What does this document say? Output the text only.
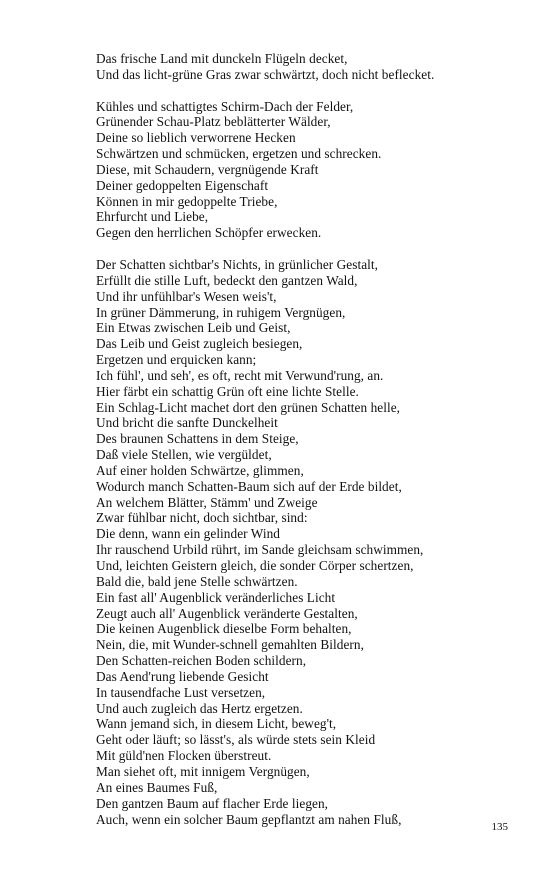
Das frische Land mit dunckeln Flügeln decket,
Und das licht-grüne Gras zwar schwärtzt, doch nicht beflecket.
Kühles und schattigtes Schirm-Dach der Felder,
Grünender Schau-Platz beblätterter Wälder,
Deine so lieblich verworrene Hecken
Schwärtzen und schmücken, ergetzen und schrecken.
Diese, mit Schaudern, vergnügende Kraft
Deiner gedoppelten Eigenschaft
Können in mir gedoppelte Triebe,
Ehrfurcht und Liebe,
Gegen den herrlichen Schöpfer erwecken.
Der Schatten sichtbar's Nichts, in grünlicher Gestalt,
Erfüllt die stille Luft, bedeckt den gantzen Wald,
Und ihr unfühlbar's Wesen weis't,
In grüner Dämmerung, in ruhigem Vergnügen,
Ein Etwas zwischen Leib und Geist,
Das Leib und Geist zugleich besiegen,
Ergetzen und erquicken kann;
Ich fühl', und seh', es oft, recht mit Verwund'rung, an.
Hier färbt ein schattig Grün oft eine lichte Stelle.
Ein Schlag-Licht machet dort den grünen Schatten helle,
Und bricht die sanfte Dunckelheit
Des braunen Schattens in dem Steige,
Daß viele Stellen, wie vergüldet,
Auf einer holden Schwärtze, glimmen,
Wodurch manch Schatten-Baum sich auf der Erde bildet,
An welchem Blätter, Stämm' und Zweige
Zwar fühlbar nicht, doch sichtbar, sind:
Die denn, wann ein gelinder Wind
Ihr rauschend Urbild rührt, im Sande gleichsam schwimmen,
Und, leichten Geistern gleich, die sonder Cörper schertzen,
Bald die, bald jene Stelle schwärtzen.
Ein fast all' Augenblick veränderliches Licht
Zeugt auch all' Augenblick veränderte Gestalten,
Die keinen Augenblick dieselbe Form behalten,
Nein, die, mit Wunder-schnell gemahlten Bildern,
Den Schatten-reichen Boden schildern,
Das Aend'rung liebende Gesicht
In tausendfache Lust versetzen,
Und auch zugleich das Hertz ergetzen.
Wann jemand sich, in diesem Licht, beweg't,
Geht oder läuft; so lässt's, als würde stets sein Kleid
Mit güld'nen Flocken überstreut.
Man siehet oft, mit innigem Vergnügen,
An eines Baumes Fuß,
Den gantzen Baum auf flacher Erde liegen,
Auch, wenn ein solcher Baum gepflantzt am nahen Fluß,
135
